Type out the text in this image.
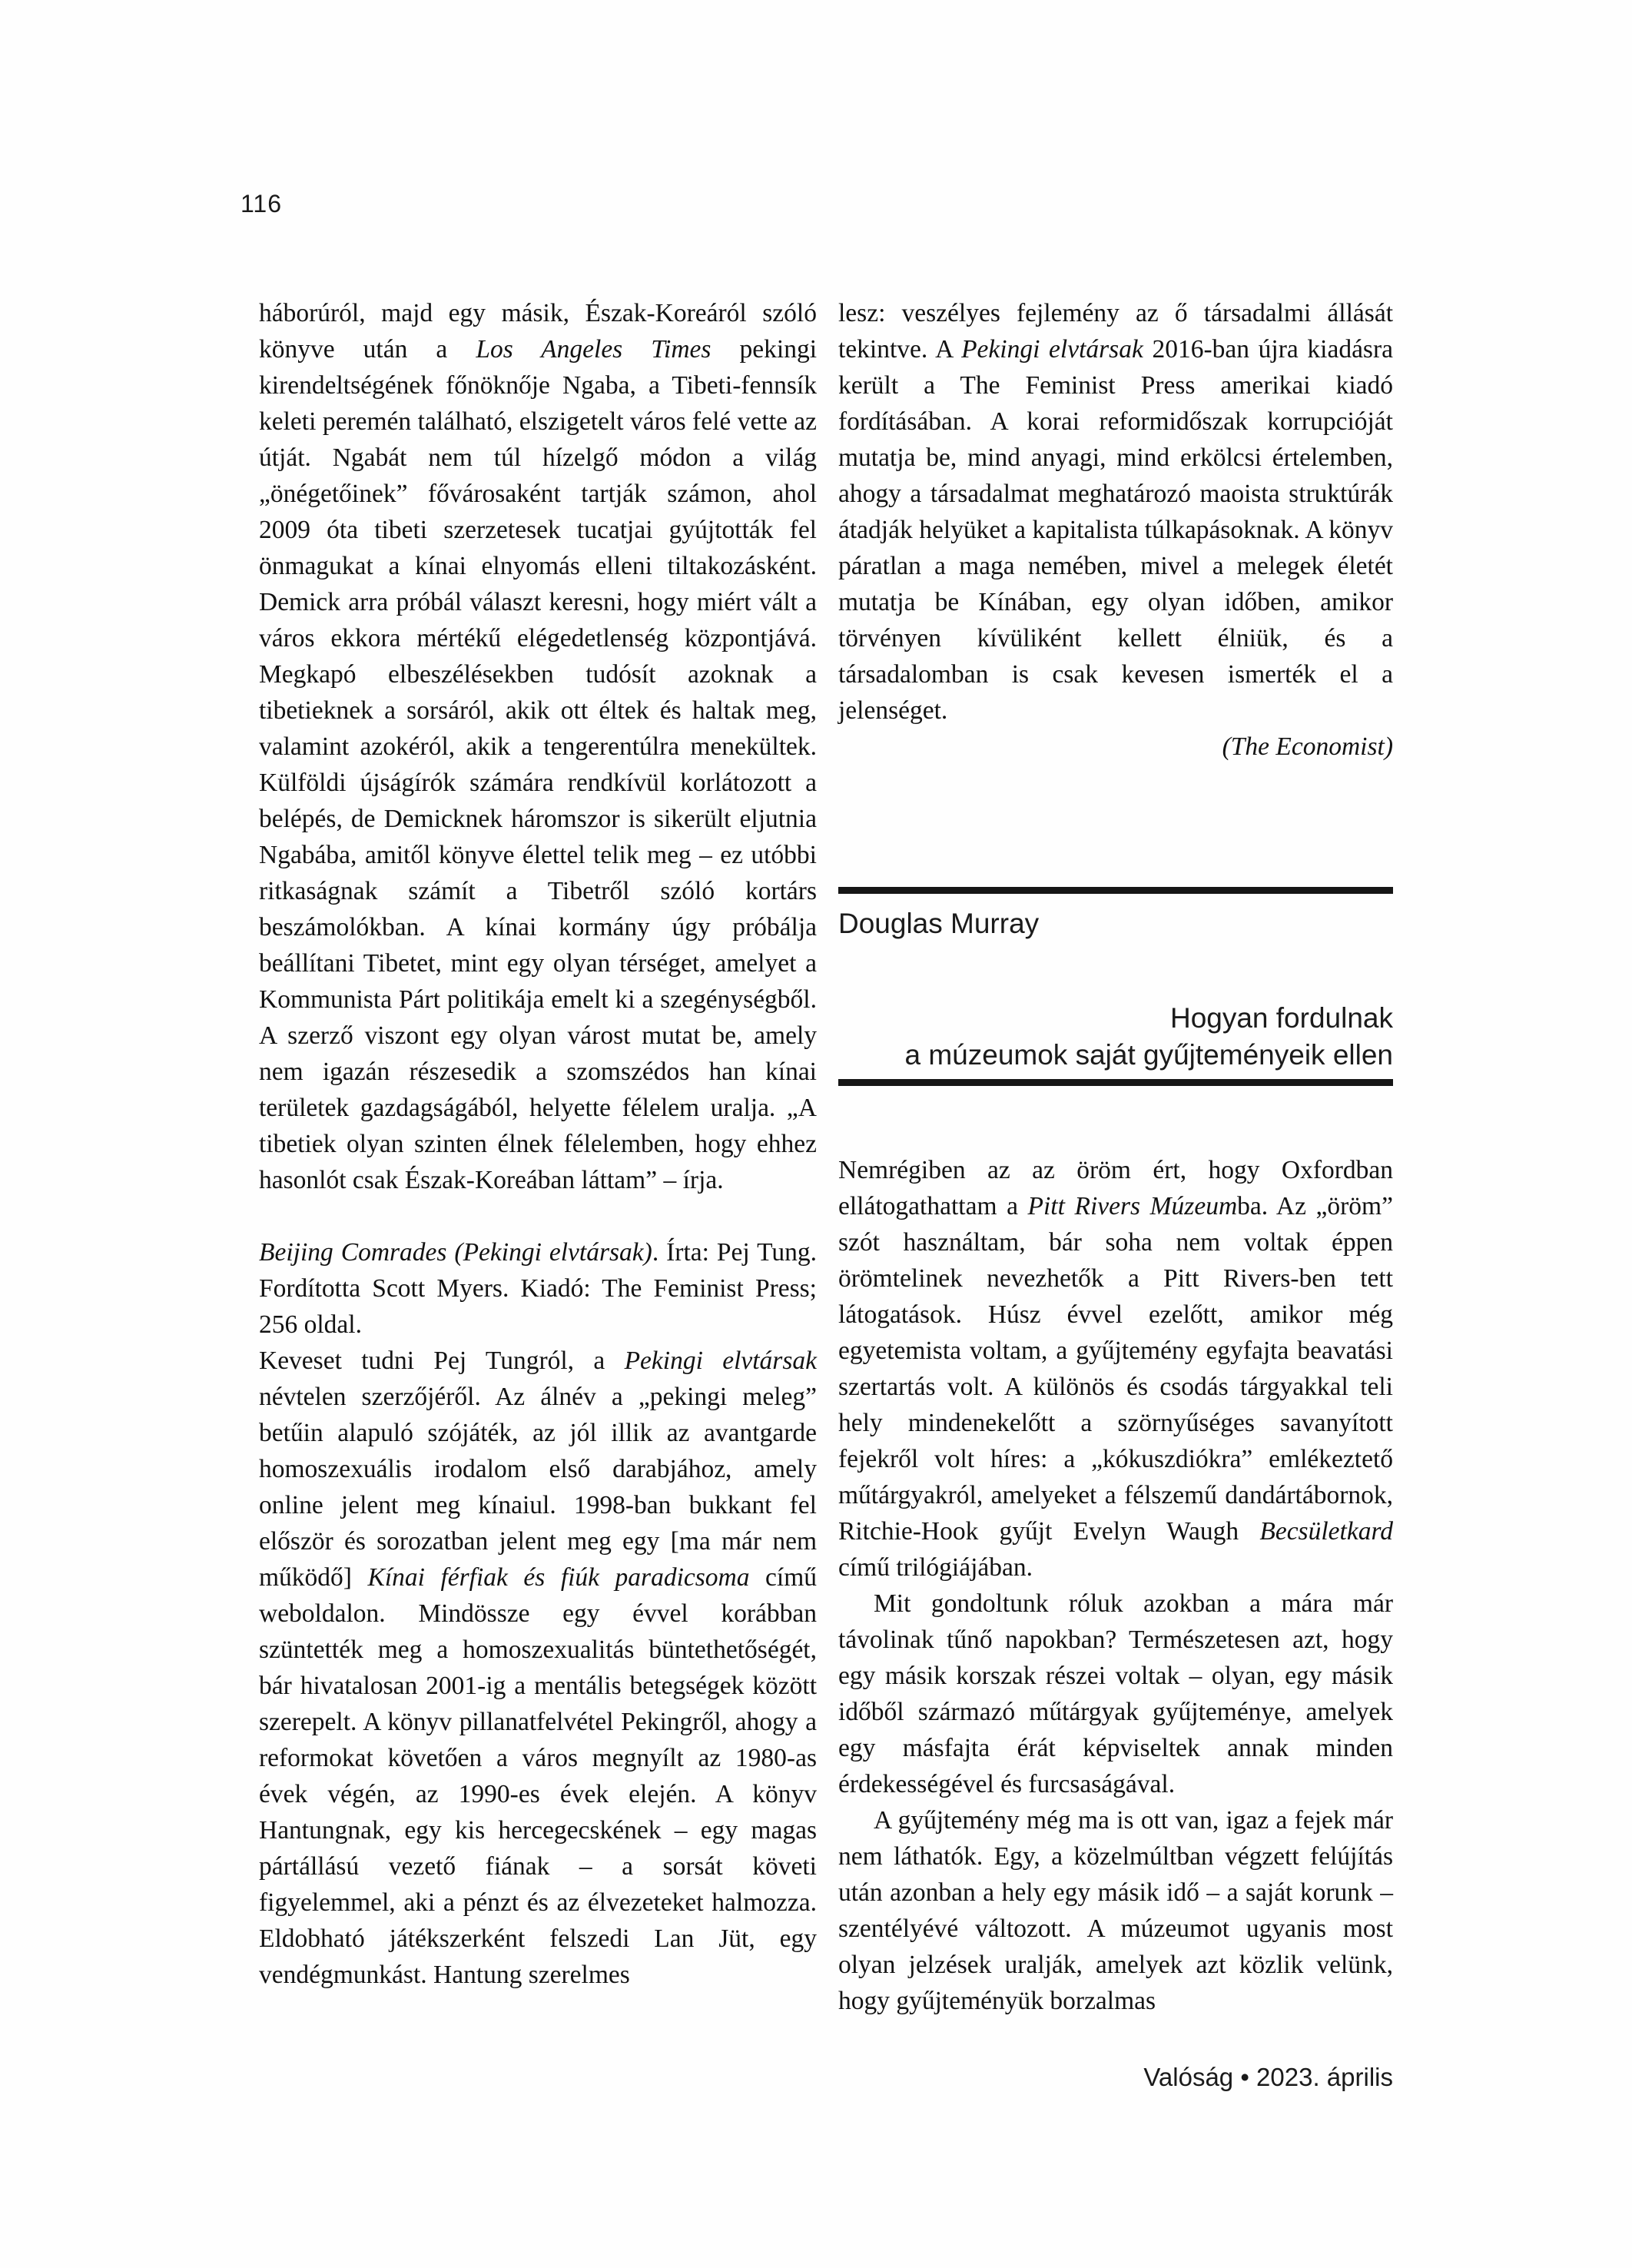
116

háborúról, majd egy másik, Észak-Koreáról szóló könyve után a Los Angeles Times pekingi kirendeltségének főnöknője Ngaba, a Tibeti-fennsík keleti peremén található, elszigetelt város felé vette az útját. Ngabát nem túl hízelgő módon a világ „önégetőinek” fővárosaként tartják számon, ahol 2009 óta tibeti szerzetesek tucatjai gyújtották fel önmagukat a kínai elnyomás elleni tiltakozásként. Demick arra próbál választ keresni, hogy miért vált a város ekkora mértékű elégedetlenség központjává. Megkapó elbeszélésekben tudósít azoknak a tibetieknek a sorsáról, akik ott éltek és haltak meg, valamint azokéról, akik a tengerentúlra menekültek. Külföldi újságírók számára rendkívül korlátozott a belépés, de Demicknek háromszor is sikerült eljutnia Ngabába, amitől könyve élettel telik meg – ez utóbbi ritkaságnak számít a Tibetről szóló kortárs beszámolókban. A kínai kormány úgy próbálja beállítani Tibetet, mint egy olyan térséget, amelyet a Kommunista Párt politikája emelt ki a szegénységből. A szerző viszont egy olyan várost mutat be, amely nem igazán részesedik a szomszédos han kínai területek gazdagságából, helyette félelem uralja. „A tibetiek olyan szinten élnek félelemben, hogy ehhez hasonlót csak Észak-Koreában láttam” – írja.

Beijing Comrades (Pekingi elvtársak). Írta: Pej Tung. Fordította Scott Myers. Kiadó: The Feminist Press; 256 oldal.

Keveset tudni Pej Tungról, a Pekingi elvtársak névtelen szerzőjéről. Az álnév a „pekingi meleg” betűin alapuló szójáték, az jól illik az avantgarde homoszexuális irodalom első darabjához, amely online jelent meg kínaiul. 1998-ban bukkant fel először és sorozatban jelent meg egy [ma már nem működő] Kínai férfiak és fiúk paradicsoma című weboldalon. Mindössze egy évvel korábban szüntették meg a homoszexualitás büntethetőségét, bár hivatalosan 2001-ig a mentális betegségek között szerepelt. A könyv pillanatfelvétel Pekingről, ahogy a reformokat követően a város megnyílt az 1980-as évek végén, az 1990-es évek elején. A könyv Hantungnak, egy kis hercegecskének – egy magas pártállású vezető fiának – a sorsát követi figyelemmel, aki a pénzt és az élvezeteket halmozza. Eldobható játékszerként felszedi Lan Jüt, egy vendégmunkást. Hantung szerelmes

lesz: veszélyes fejlemény az ő társadalmi állását tekintve. A Pekingi elvtársak 2016-ban újra kiadásra került a The Feminist Press amerikai kiadó fordításában. A korai reformidőszak korrupcióját mutatja be, mind anyagi, mind erkölcsi értelemben, ahogy a társadalmat meghatározó maoista struktúrák átadják helyüket a kapitalista túlkapásoknak. A könyv páratlan a maga nemében, mivel a melegek életét mutatja be Kínában, egy olyan időben, amikor törvényen kívüliként kellett élniük, és a társadalomban is csak kevesen ismerték el a jelenséget.

(The Economist)

Douglas Murray
Hogyan fordulnak
a múzeumok saját gyűjteményeik ellen

Nemrégiben az az öröm ért, hogy Oxfordban ellátogathattam a Pitt Rivers Múzeumba. Az „öröm” szót használtam, bár soha nem voltak éppen örömtelinek nevezhetők a Pitt Rivers-ben tett látogatások. Húsz évvel ezelőtt, amikor még egyetemista voltam, a gyűjtemény egyfajta beavatási szertartás volt. A különös és csodás tárgyakkal teli hely mindenekelőtt a szörnyűséges savanyított fejekről volt híres: a „kókuszdiókra” emlékeztető műtárgyakról, amelyeket a félszemű dandártábornok, Ritchie-Hook gyűjt Evelyn Waugh Becsületkard című trilógiájában.

Mit gondoltunk róluk azokban a mára már távolinak tűnő napokban? Természetesen azt, hogy egy másik korszak részei voltak – olyan, egy másik időből származó műtárgyak gyűjteménye, amelyek egy másfajta érát képviseltek annak minden érdekességével és furcsaságával.

A gyűjtemény még ma is ott van, igaz a fejek már nem láthatók. Egy, a közelmúltban végzett felújítás után azonban a hely egy másik idő – a saját korunk – szentélyévé változott. A múzeumot ugyanis most olyan jelzések uralják, amelyek azt közlik velünk, hogy gyűjteményük borzalmas

Valóság • 2023. április
